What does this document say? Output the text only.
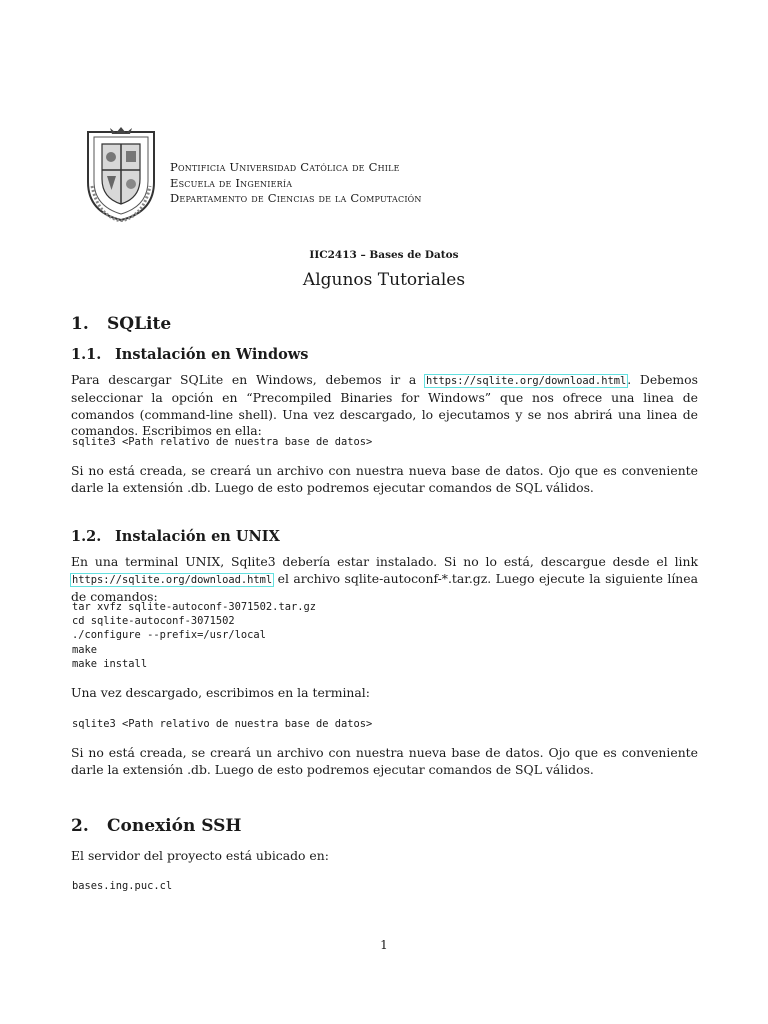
Pontificia Universidad Católica de Chile
Escuela de Ingeniería
Departamento de Ciencias de la Computación
IIC2413 – Bases de Datos
Algunos Tutoriales
1. SQLite
1.1. Instalación en Windows
Para descargar SQLite en Windows, debemos ir a https://sqlite.org/download.html. Debemos seleccionar la opción en “Precompiled Binaries for Windows” que nos ofrece una linea de comandos (command-line shell). Una vez descargado, lo ejecutamos y se nos abrirá una linea de comandos. Escribimos en ella:
sqlite3 <Path relativo de nuestra base de datos>
Si no está creada, se creará un archivo con nuestra nueva base de datos. Ojo que es conveniente darle la extensión .db. Luego de esto podremos ejecutar comandos de SQL válidos.
1.2. Instalación en UNIX
En una terminal UNIX, Sqlite3 debería estar instalado. Si no lo está, descargue desde el link https://sqlite.org/download.html el archivo sqlite-autoconf-*.tar.gz. Luego ejecute la siguiente línea de comandos:
tar xvfz sqlite-autoconf-3071502.tar.gz
cd sqlite-autoconf-3071502
./configure --prefix=/usr/local
make
make install
Una vez descargado, escribimos en la terminal:
sqlite3 <Path relativo de nuestra base de datos>
Si no está creada, se creará un archivo con nuestra nueva base de datos. Ojo que es conveniente darle la extensión .db. Luego de esto podremos ejecutar comandos de SQL válidos.
2. Conexión SSH
El servidor del proyecto está ubicado en:
bases.ing.puc.cl
1
